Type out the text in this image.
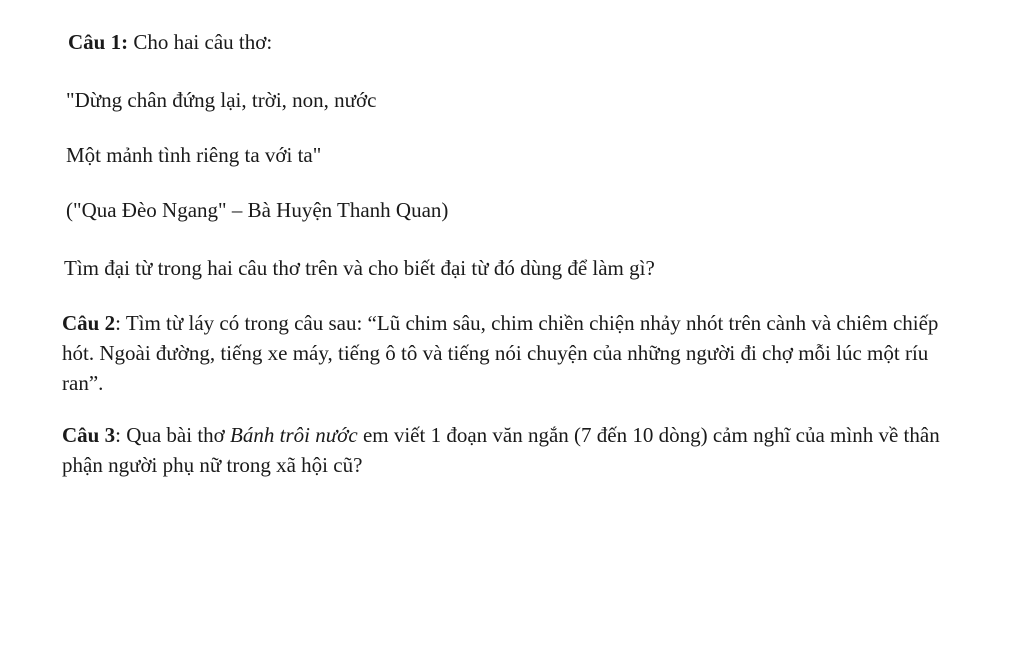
Câu 1: Cho hai câu thơ:
"Dừng chân đứng lại, trời, non, nước
Một mảnh tình riêng ta với ta"
("Qua Đèo Ngang" – Bà Huyện Thanh Quan)
Tìm đại từ trong hai câu thơ trên và cho biết đại từ đó dùng để làm gì?
Câu 2: Tìm từ láy có trong câu sau: “Lũ chim sâu, chim chiền chiện nhảy nhót trên cành và chiêm chiếp hót. Ngoài đường, tiếng xe máy, tiếng ô tô và tiếng nói chuyện của những người đi chợ mỗi lúc một ríu ran”.
Câu 3: Qua bài thơ Bánh trôi nước em viết 1 đoạn văn ngắn (7 đến 10 dòng) cảm nghĩ của mình về thân phận người phụ nữ trong xã hội cũ?
